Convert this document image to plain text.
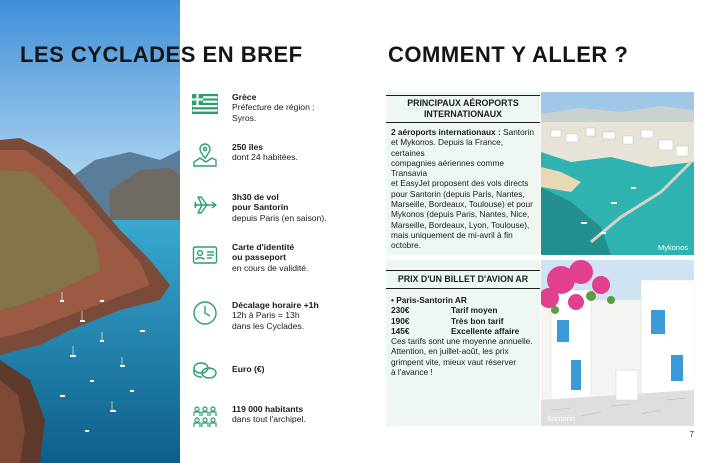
LES CYCLADES EN BREF	COMMENT Y ALLER ?
Grèce
Préfecture de région :
Syros.
250 îles
dont 24 habitées.
3h30 de vol
pour Santorin
depuis Paris (en saison).
Carte d'identité
ou passeport
en cours de validité.
Décalage horaire +1h
12h à Paris = 13h
dans les Cyclades.
Euro (€)
119 000 habitants
dans tout l'archipel.
PRINCIPAUX AÉROPORTS
INTERNATIONAUX
2 aéroports internationaux : Santorin
et Mykonos. Depuis la France, certaines
compagnies aériennes comme Transavia
et EasyJet proposent des vols directs
pour Santorin (depuis Paris, Nantes,
Marseille, Bordeaux, Toulouse) et pour
Mykonos (depuis Paris, Nantes, Nice,
Marseille, Bordeaux, Lyon, Toulouse),
mais uniquement de mi-avril à fin
octobre.	Mykonos
PRIX D'UN BILLET D'AVION AR
• Paris-Santorin AR
230€	Tarif moyen
190€	Très bon tarif
145€	Excellente affaire
Ces tarifs sont une moyenne annuelle.
Attention, en juillet-août, les prix
grimpent vite, mieux vaut réserver
à l'avance !
Santorin
7
